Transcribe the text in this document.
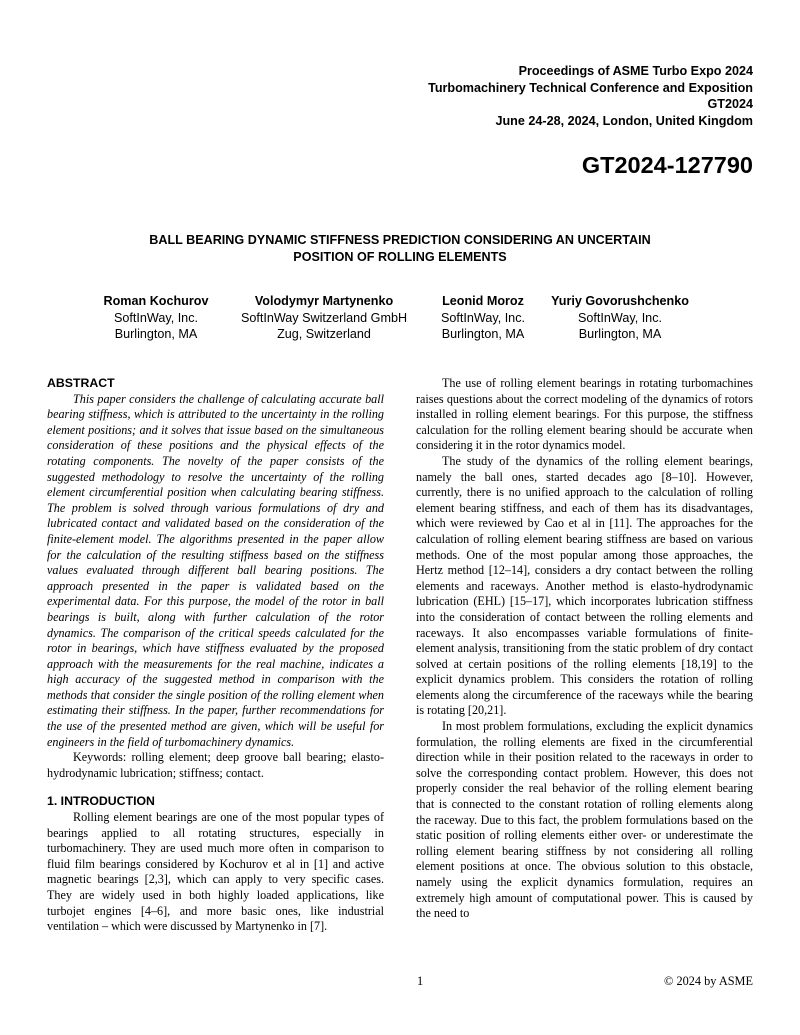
Proceedings of ASME Turbo Expo 2024
Turbomachinery Technical Conference and Exposition
GT2024
June 24-28, 2024, London, United Kingdom
GT2024-127790
BALL BEARING DYNAMIC STIFFNESS PREDICTION CONSIDERING AN UNCERTAIN
POSITION OF ROLLING ELEMENTS
Roman Kochurov
SoftInWay, Inc.
Burlington, MA
Volodymyr Martynenko
SoftInWay Switzerland GmbH
Zug, Switzerland
Leonid Moroz
SoftInWay, Inc.
Burlington, MA
Yuriy Govorushchenko
SoftInWay, Inc.
Burlington, MA
ABSTRACT

This paper considers the challenge of calculating accurate ball bearing stiffness, which is attributed to the uncertainty in the rolling element positions; and it solves that issue based on the simultaneous consideration of these positions and the physical effects of the rotating components. The novelty of the paper consists of the suggested methodology to resolve the uncertainty of the rolling element circumferential position when calculating bearing stiffness. The problem is solved through various formulations of dry and lubricated contact and validated based on the consideration of the finite-element model. The algorithms presented in the paper allow for the calculation of the resulting stiffness based on the stiffness values evaluated through different ball bearing positions. The approach presented in the paper is validated based on the experimental data. For this purpose, the model of the rotor in ball bearings is built, along with further calculation of the rotor dynamics. The comparison of the critical speeds calculated for the rotor in bearings, which have stiffness evaluated by the proposed approach with the measurements for the real machine, indicates a high accuracy of the suggested method in comparison with the methods that consider the single position of the rolling element when estimating their stiffness. In the paper, further recommendations for the use of the presented method are given, which will be useful for engineers in the field of turbomachinery dynamics.

Keywords: rolling element; deep groove ball bearing; elasto-hydrodynamic lubrication; stiffness; contact.

1. INTRODUCTION

Rolling element bearings are one of the most popular types of bearings applied to all rotating structures, especially in turbomachinery. They are used much more often in comparison to fluid film bearings considered by Kochurov et al in [1] and active magnetic bearings [2,3], which can apply to very specific cases. They are widely used in both highly loaded applications, like turbojet engines [4–6], and more basic ones, like industrial ventilation – which were discussed by Martynenko in [7].

The use of rolling element bearings in rotating turbomachines raises questions about the correct modeling of the dynamics of rotors installed in rolling element bearings. For this purpose, the stiffness calculation for the rolling element bearing should be accurate when considering it in the rotor dynamics model.

The study of the dynamics of the rolling element bearings, namely the ball ones, started decades ago [8–10]. However, currently, there is no unified approach to the calculation of rolling element bearing stiffness, and each of them has its disadvantages, which were reviewed by Cao et al in [11]. The approaches for the calculation of rolling element bearing stiffness are based on various methods. One of the most popular among those approaches, the Hertz method [12–14], considers a dry contact between the rolling elements and raceways. Another method is elasto-hydrodynamic lubrication (EHL) [15–17], which incorporates lubrication stiffness into the consideration of contact between the rolling elements and raceways. It also encompasses variable formulations of finite-element analysis, transitioning from the static problem of dry contact solved at certain positions of the rolling elements [18,19] to the explicit dynamics problem. This considers the rotation of rolling elements along the circumference of the raceways while the bearing is rotating [20,21].

In most problem formulations, excluding the explicit dynamics formulation, the rolling elements are fixed in the circumferential direction while in their position related to the raceways in order to solve the corresponding contact problem. However, this does not properly consider the real behavior of the rolling element bearing that is connected to the constant rotation of rolling elements along the raceway. Due to this fact, the problem formulations based on the static position of rolling elements either over- or underestimate the rolling element bearing stiffness by not considering all rolling element positions at once. The obvious solution to this obstacle, namely using the explicit dynamics formulation, requires an extremely high amount of computational power. This is caused by the need to

1	© 2024 by ASME
